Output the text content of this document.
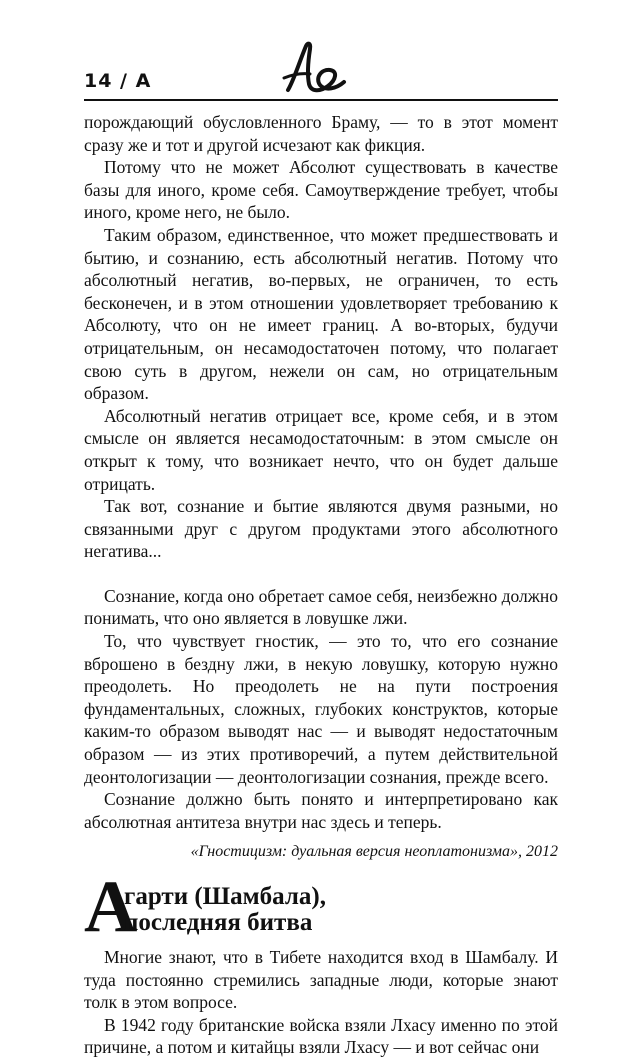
14 / А

порождающий обусловленного Браму, — то в этот момент сразу же и тот и другой исчезают как фикция.

Потому что не может Абсолют существовать в качестве базы для иного, кроме себя. Самоутверждение требует, чтобы иного, кроме него, не было.

Таким образом, единственное, что может предшествовать и бытию, и сознанию, есть абсолютный негатив. Потому что абсолютный негатив, во-первых, не ограничен, то есть бесконечен, и в этом отношении удовлетворяет требованию к Абсолюту, что он не имеет границ. А во-вторых, будучи отрицательным, он несамодостаточен потому, что полагает свою суть в другом, нежели он сам, но отрицательным образом.

Абсолютный негатив отрицает все, кроме себя, и в этом смысле он является несамодостаточным: в этом смысле он открыт к тому, что возникает нечто, что он будет дальше отрицать.

Так вот, сознание и бытие являются двумя разными, но связанными друг с другом продуктами этого абсолютного негатива...

Сознание, когда оно обретает самое себя, неизбежно должно понимать, что оно является в ловушке лжи.

То, что чувствует гностик, — это то, что его сознание вброшено в бездну лжи, в некую ловушку, которую нужно преодолеть. Но преодолеть не на пути построения фундаментальных, сложных, глубоких конструктов, которые каким-то образом выводят нас — и выводят недостаточным образом — из этих противоречий, а путем действительной деонтологизации — деонтологизации сознания, прежде всего.

Сознание должно быть понято и интерпретировано как абсолютная антитеза внутри нас здесь и теперь.

«Гностицизм: дуальная версия неоплатонизма», 2012

А
гарти (Шамбала),
последняя битва

Многие знают, что в Тибете находится вход в Шамбалу. И туда постоянно стремились западные люди, которые знают толк в этом вопросе.

В 1942 году британские войска взяли Лхасу именно по этой причине, а потом и китайцы взяли Лхасу — и вот сейчас они
